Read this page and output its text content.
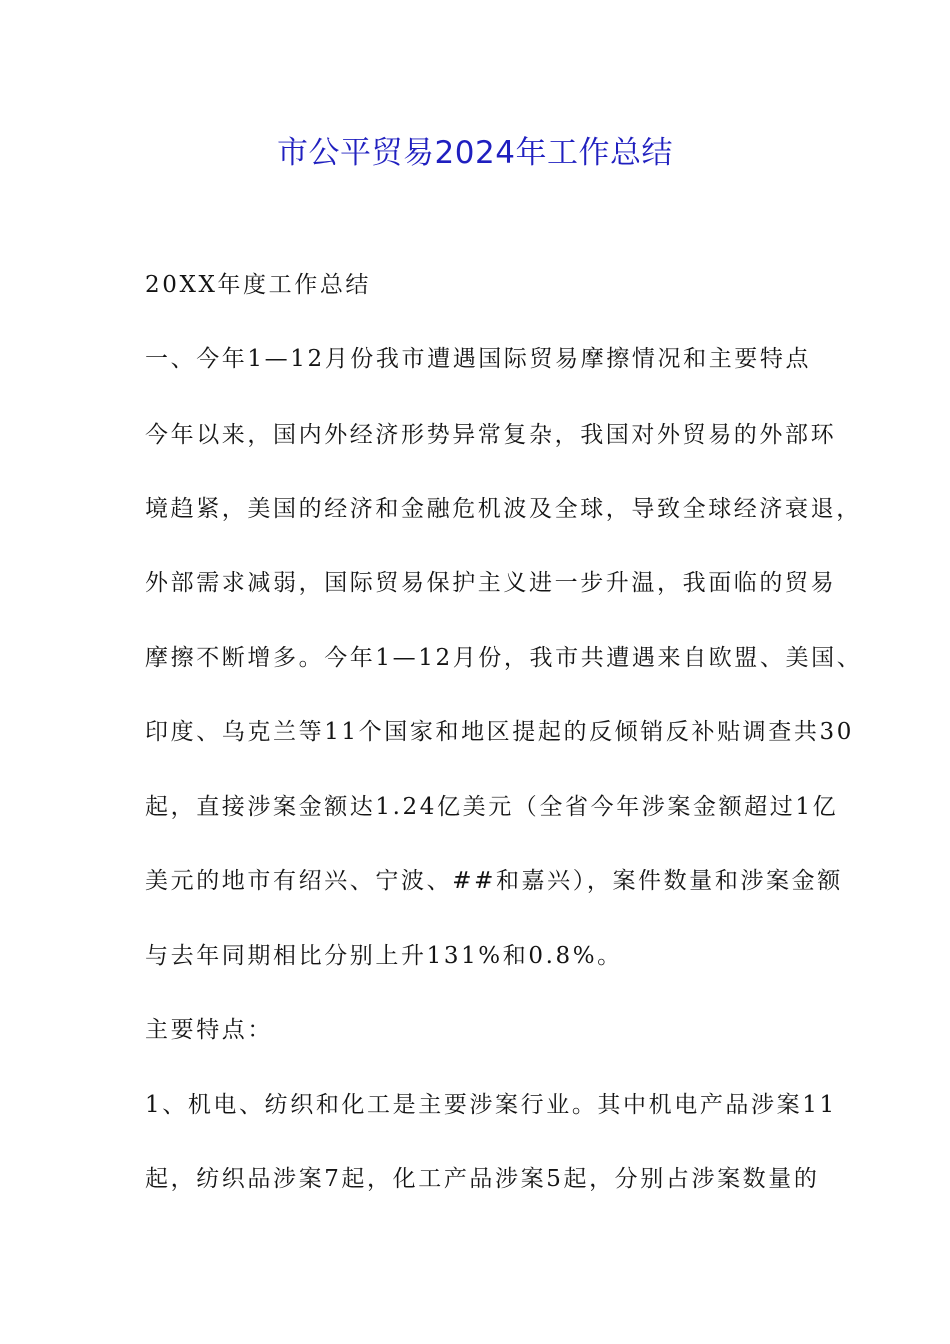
市公平贸易2024年工作总结

20XX年度工作总结

一、今年1—12月份我市遭遇国际贸易摩擦情况和主要特点

今年以来，国内外经济形势异常复杂，我国对外贸易的外部环

境趋紧，美国的经济和金融危机波及全球，导致全球经济衰退，

外部需求减弱，国际贸易保护主义进一步升温，我面临的贸易

摩擦不断增多。今年1—12月份，我市共遭遇来自欧盟、美国、

印度、乌克兰等11个国家和地区提起的反倾销反补贴调查共30

起，直接涉案金额达1.24亿美元（全省今年涉案金额超过1亿

美元的地市有绍兴、宁波、##和嘉兴），案件数量和涉案金额

与去年同期相比分别上升131%和0.8%。

主要特点：

1、机电、纺织和化工是主要涉案行业。其中机电产品涉案11

起，纺织品涉案7起，化工产品涉案5起，分别占涉案数量的
